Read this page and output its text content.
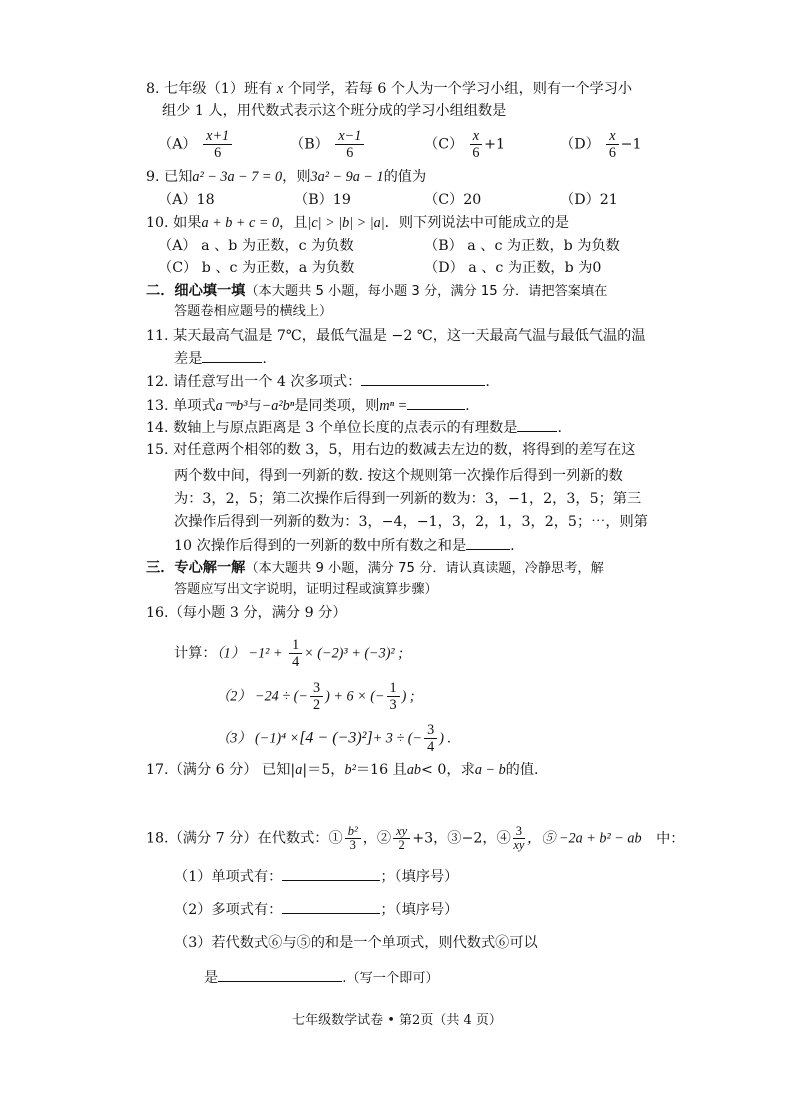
8. 七年级（1）班有 x 个同学，若每 6 个人为一个学习小组，则有一个学习小
组少 1 人，用代数式表示这个班分成的学习小组组数是
$(A) \frac{x+1}{6}$	$(B) \frac{x-1}{6}$	$(C) \frac{x}{6} +1$	$(D) \frac{x}{6} -1$
9. 已知a² − 3a − 7 = 0，则3a² − 9a − 1的值为
（A）18	（B）19	（C）20	（D）21
10. 如果a + b + c = 0，且|c| > |b| > |a|．则下列说法中可能成立的是
（A） a 、b 为正数，c 为负数	（B） a 、c 为正数，b 为负数
（C） b 、c 为正数，a 为负数	（D） a 、c 为正数，b 为0
二．细心填一填（本大题共 5 小题，每小题 3 分，满分 15 分．请把答案填在
答题卷相应题号的横线上）
11. 某天最高气温是 7℃，最低气温是 −2 ℃，这一天最高气温与最低气温的温
差是	.
12. 请任意写出一个 4 次多项式：	.
13. 单项式a⁻ᵐb³与−a²bⁿ是同类项，则mⁿ =	.
14. 数轴上与原点距离是 3 个单位长度的点表示的有理数是	.
15. 对任意两个相邻的数 3，5，用右边的数减去左边的数，将得到的差写在这
两个数中间，得到一列新的数. 按这个规则第一次操作后得到一列新的数
为：3，2，5；第二次操作后得到一列新的数为：3，−1，2，3，5；第三
次操作后得到一列新的数为：3，−4，−1，3，2，1，3，2，5；⋯，则第
10 次操作后得到的一列新的数中所有数之和是	.
三．专心解一解（本大题共 9 小题，满分 75 分．请认真读题，冷静思考，解
答题应写出文字说明，证明过程或演算步骤）
16.（每小题 3 分，满分 9 分）
计算：$(1) -1^2 + \frac{1}{4} \times (-2)^3 + (-3)^2$ ;
（2） −24 ÷ (− $\frac{3}{2}$ ) + 6 × (− $\frac{1}{3}$ ) ;
（3） (−1)⁴ ×[4 − (−3)²]+ 3 ÷ (− $\frac{3}{4}$ ) .
17.（满分 6 分） 已知|a|＝5，b²＝16 且ab< 0，求a − b的值.
18.（满分 7 分）在代数式：① $\frac{\text{b²}}{3}$ ，② $\frac{xy}{2} +3$，③−2，④ $\frac{3}{xy}$ ，⑤ −2a + b² − ab 中：
（1）单项式有：	；（填序号）
（2）多项式有：	；（填序号）
（3）若代数式⑥与⑤的和是一个单项式，则代数式⑥可以
是	.（写一个即可）
七年级数学试卷 • 第2页（共 4 页）
